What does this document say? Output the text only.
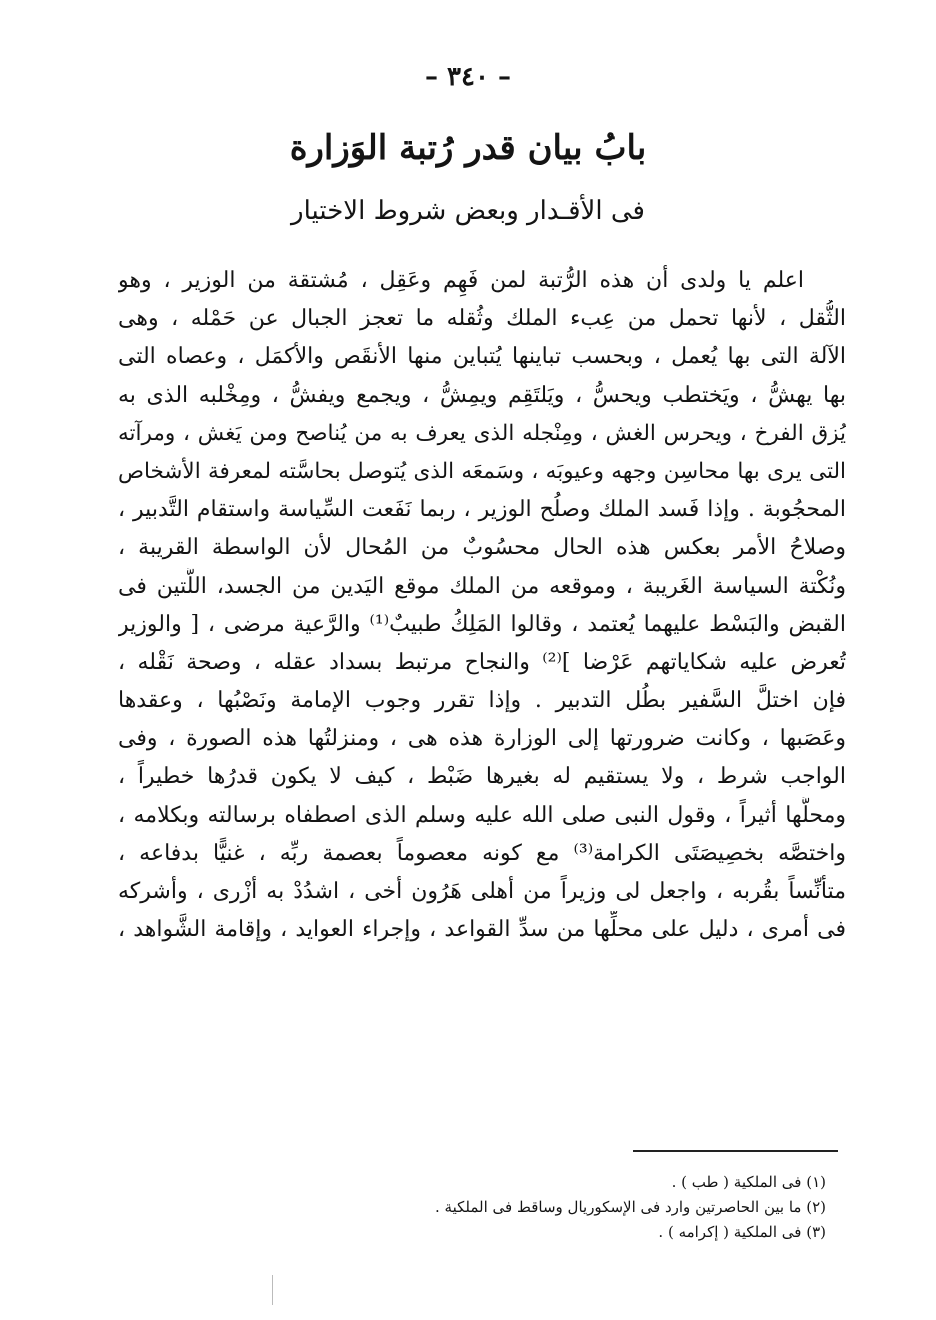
– ٣٤٠ –
بابُ بيان قدر رُتبة الوَزارة
فى الأقـدار وبعض شروط الاختيار
اعلم يا ولدى أن هذه الرُّتبة لمن فَهِم وعَقِل ، مُشتقة من الوزير ، وهو
الثُّقل ، لأنها تحمل من عِبء الملك وثُقله ما تعجز الجبال عن حَمْله ، وهى
الآلة التى بها يُعمل ، وبحسب تباينها يُتباين منها الأنقَص والأكمَل ، وعصاه التى
بها يهشُّ ، ويَختطب ويحسُّ ، ويَلتَقِم ويمِشُّ ، ويجمع ويفشُّ ، ومِخْلبه الذى به
يُزق الفرخ ، ويحرس الغش ، ومِنْجله الذى يعرف به من يُناصح ومن يَغش ، ومرآته
التى يرى بها محاسِن وجهه وعيوبَه ، وسَمعَه الذى يُتوصل بحاسَّته لمعرفة الأشخاص
المحجُوبة . وإذا فَسد الملك وصلُح الوزير ، ربما نَفَعت السِّياسة واستقام التَّدبير ،
وصلاحُ الأمر بعكس هذه الحال محسُوبٌ من المُحال لأن الواسطة القريبة ،
ونُكْتة السياسة الغَريبة ، وموقعه من الملك موقع اليَدين من الجسد، اللَّتين فى
القبض والبَسْط عليهما يُعتمد ، وقالوا المَلِكُ طبيبٌ⁽¹⁾ والرَّعية مرضى ، [ والوزير
تُعرض عليه شكاياتهم عَرْضا ]⁽²⁾ والنجاح مرتبط بسداد عقله ، وصحة نَقْله ،
فإن اختلَّ السَّفير بطُل التدبير . وإذا تقرر وجوب الإمامة ونَصْبُها ، وعقدها
وعَصَبها ، وكانت ضرورتها إلى الوزارة هذه هى ، ومنزلتُها هذه الصورة ، وفى
الواجب شرط ، ولا يستقيم له بغيرها ضَبْط ، كيف لا يكون قدرُها خطيراً ،
ومحلُّها أثيراً ، وقول النبى صلى الله عليه وسلم الذى اصطفاه برسالته وبكلامه ،
واختصَّه بخصِيصَتَى الكرامة⁽³⁾ مع كونه معصوماً بعصمة ربِّه ، غنيًّا بدفاعه ،
متأنِّساً بقُربه ، واجعل لى وزيراً من أهلى هَرُون أخى ، اشدُدْ به أزْرى ، وأشركه
فى أمرى ، دليل على محلِّها من سدِّ القواعد ، وإجراء العوايد ، وإقامة الشَّواهد ،
(١) فى الملكية ( طب ) .
(٢) ما بين الحاصرتين وارد فى الإسكوريال وساقط فى الملكية .
(٣) فى الملكية ( إكرامه ) .
